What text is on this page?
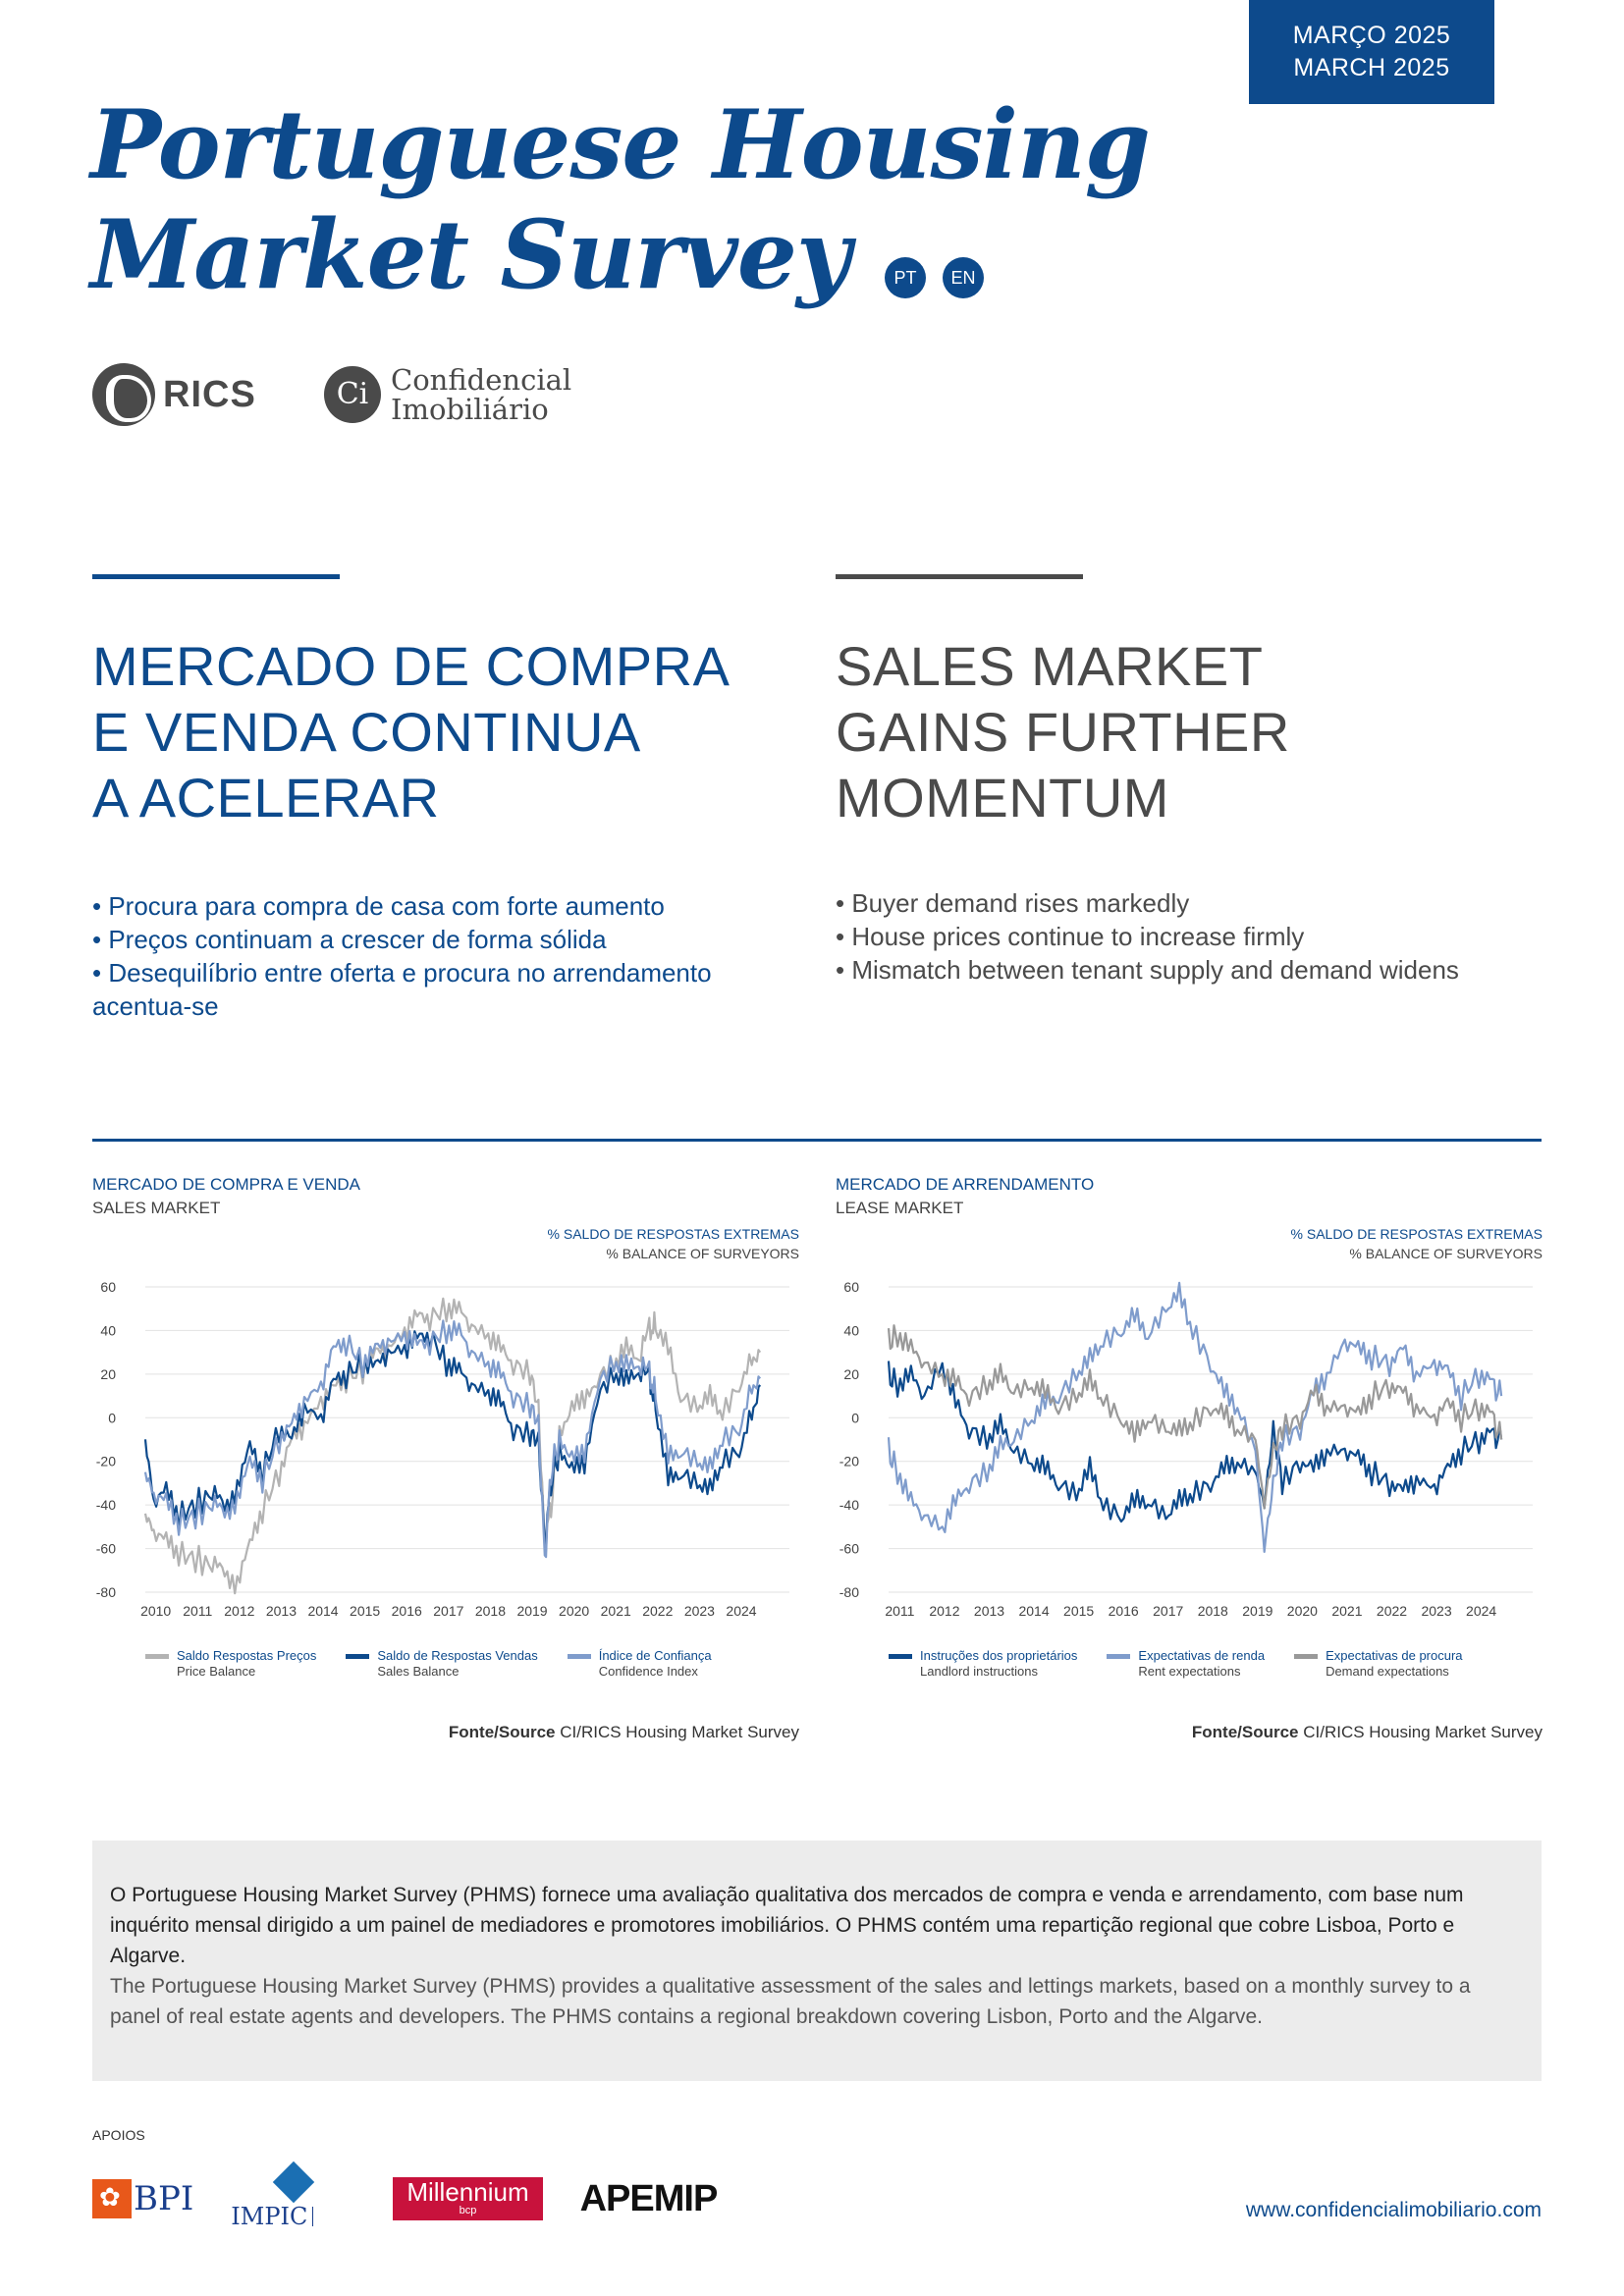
MARÇO 2025
MARCH 2025
Portuguese Housing
Market Survey	PT	EN
RICS	Ci Confidencial
Imobiliário
MERCADO DE COMPRA
E VENDA CONTINUA
A ACELERAR
SALES MARKET
GAINS FURTHER
MOMENTUM
• Procura para compra de casa com forte aumento
• Preços continuam a crescer de forma sólida
• Desequilíbrio entre oferta e procura no arrendamento acentua-se
• Buyer demand rises markedly
• House prices continue to increase firmly
• Mismatch between tenant supply and demand widens
MERCADO DE COMPRA E VENDA
SALES MARKET
% SALDO DE RESPOSTAS EXTREMAS
% BALANCE OF SURVEYORS
60
40
20
0
-20
-40
-60
-80
2010 2011 2012 2013 2014 2015 2016 2017 2018 2019 2020 2021 2022 2023 2024
Saldo Respostas Preços
Price Balance
Saldo de Respostas Vendas
Sales Balance
Índice de Confiança
Confidence Index
Fonte/Source CI/RICS Housing Market Survey
MERCADO DE ARRENDAMENTO
LEASE MARKET
% SALDO DE RESPOSTAS EXTREMAS
% BALANCE OF SURVEYORS
60
40
20
0
-20
-40
-60
-80
2011 2012 2013 2014 2015 2016 2017 2018 2019 2020 2021 2022 2023 2024
Instruções dos proprietários
Landlord instructions
Expectativas de renda
Rent expectations
Expectativas de procura
Demand expectations
Fonte/Source CI/RICS Housing Market Survey
O Portuguese Housing Market Survey (PHMS) fornece uma avaliação qualitativa dos mercados de compra e venda e arrendamento, com base num inquérito mensal dirigido a um painel de mediadores e promotores imobiliários. O PHMS contém uma repartição regional que cobre Lisboa, Porto e Algarve.
The Portuguese Housing Market Survey (PHMS) provides a qualitative assessment of the sales and lettings markets, based on a monthly survey to a panel of real estate agents and developers. The PHMS contains a regional breakdown covering Lisbon, Porto and the Algarve.
APOIOS
✿
BPI IMPIC
Millennium
bcp	APEMIP	www.confidencialimobiliario.com
